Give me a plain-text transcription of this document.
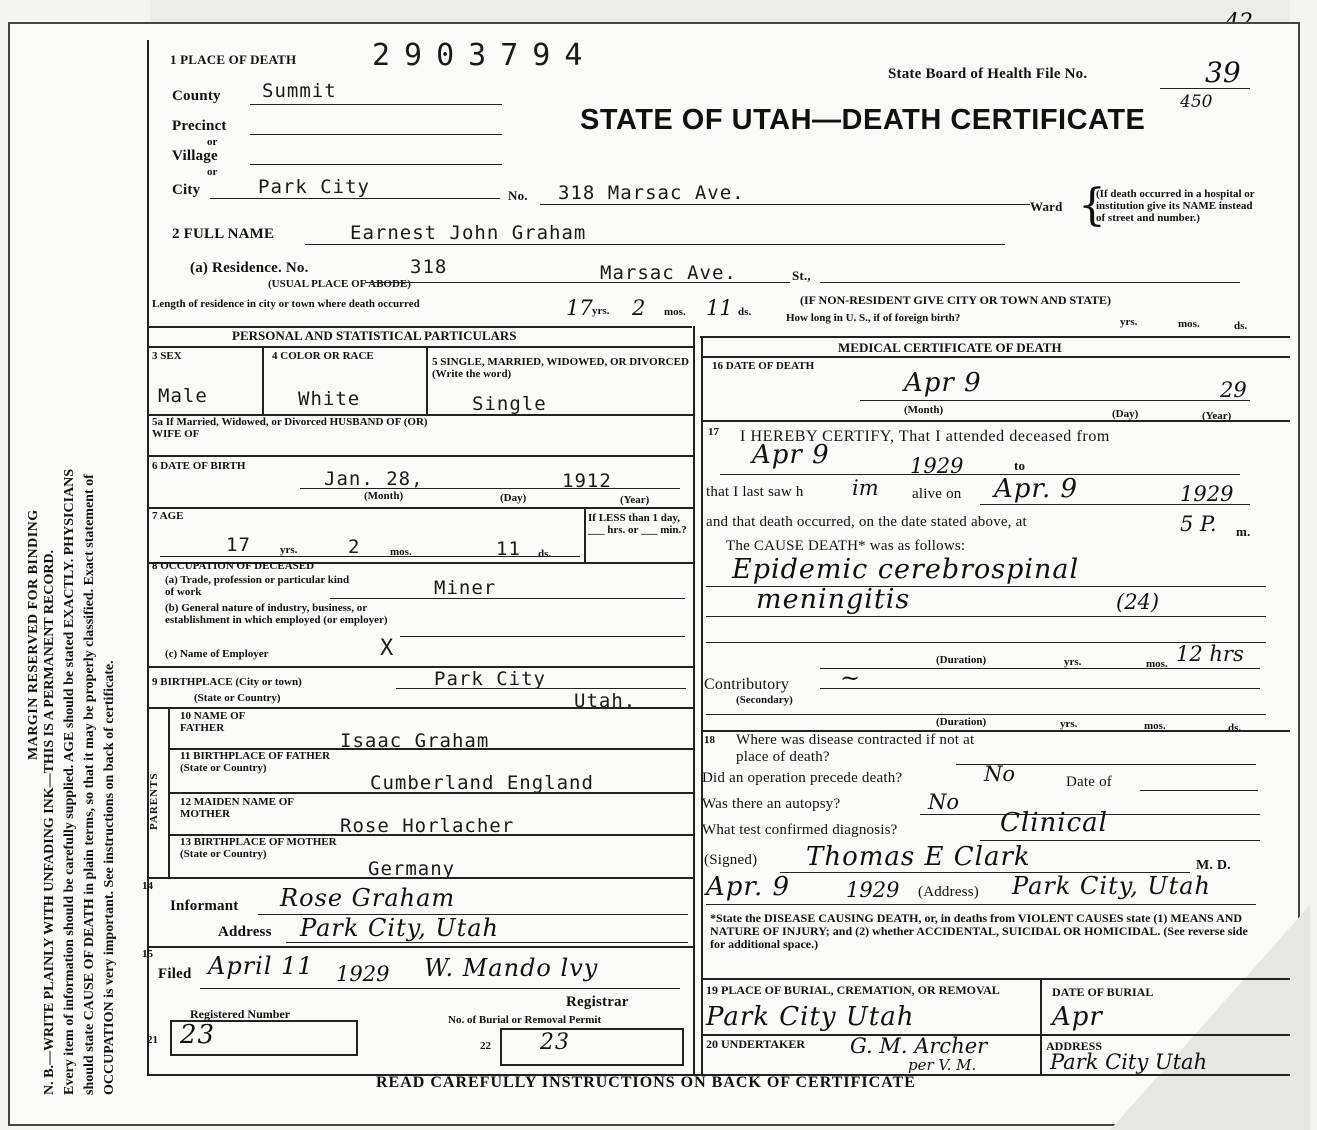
MARGIN RESERVED FOR BINDING N. B.—WRITE PLAINLY WITH UNFADING INK—THIS IS A PERMANENT RECORD. Every item of information should be carefully supplied. AGE should be stated EXACTLY. PHYSICIANS should state CAUSE OF DEATH in plain terms, so that it may be properly classified. Exact statement of OCCUPATION is very important. See instructions on back of certificate.
1 PLACE OF DEATH	2903794
State Board of Health File No.	39
450
STATE OF UTAH—DEATH CERTIFICATE
County Summit
Precinct
or
Village
or
City	Park City	No. 318 Marsac Ave.
Ward {
(If death occurred in a hospital or institution give its NAME instead of street and number.)
2 FULL NAME	Earnest John Graham
(a) Residence. No.
(USUAL PLACE OF ABODE)
318	Marsac Ave.	St.,
(IF NON-RESIDENT GIVE CITY OR TOWN AND STATE)
Length of residence in city or town where death occurred	17 yrs. 2 mos. 11 ds.	How long in U. S., if of foreign birth?	yrs.	mos.	ds.
PERSONAL AND STATISTICAL PARTICULARS
3 SEX	4 COLOR OR RACE	5 SINGLE, MARRIED, WIDOWED, OR DIVORCED (Write the word)
Male	White	Single
5a If Married, Widowed, or Divorced HUSBAND OF (OR) WIFE OF
6 DATE OF BIRTH
Jan. 28,	1912
(Month)	(Day)	(Year)
7 AGE
17	yrs.	2	mos.	11 ds.
If LESS than 1 day, ___ hrs. or ___ min.?
8 OCCUPATION OF DECEASED
(a) Trade, profession or particular kind of work	Miner
(b) General nature of industry, business, or establishment in which employed (or employer)
(c) Name of Employer	X
9 BIRTHPLACE (City or town)
(State or Country)
Park City
Utah.
PARENTS
10 NAME OF FATHER
Isaac Graham
11 BIRTHPLACE OF FATHER (State or Country)
Cumberland England
12 MAIDEN NAME OF MOTHER
Rose Horlacher
13 BIRTHPLACE OF MOTHER (State or Country)
Germany
14
Informant Rose Graham
Address Park City, Utah
15
Filed April 11 1929 W. Mando lvy
Registrar
Registered Number
21 23	No. of Burial or Removal Permit
22 23
MEDICAL CERTIFICATE OF DEATH
16 DATE OF DEATH
Apr 9	29
(Month)	(Day)	(Year)
17 I HEREBY CERTIFY, That I attended deceased from
Apr 9	1929	to
that I last saw h im alive on Apr. 9	1929
and that death occurred, on the date stated above, at	5 P. m.
The CAUSE DEATH* was as follows:
Epidemic cerebrospinal
meningitis	(24)
(Duration)	yrs.	mos. 12 hrs
Contributory
(Secondary)
~
(Duration)	yrs.	mos.	ds.
18 Where was disease contracted if not at place of death?
Did an operation precede death?	No	Date of
Was there an autopsy?	No
What test confirmed diagnosis?	Clinical
(Signed) Thomas E Clark	M. D.
Apr. 9	1929 (Address) Park City, Utah
*State the DISEASE CAUSING DEATH, or, in deaths from VIOLENT CAUSES state (1) MEANS AND NATURE OF INJURY; and (2) whether ACCIDENTAL, SUICIDAL OR HOMICIDAL. (See reverse side for additional space.)
19 PLACE OF BURIAL, CREMATION, OR REMOVAL
Park City Utah
DATE OF BURIAL
Apr
20 UNDERTAKER G. M. Archer
per V. M.
ADDRESS
Park City Utah
READ CAREFULLY INSTRUCTIONS ON BACK OF CERTIFICATE
